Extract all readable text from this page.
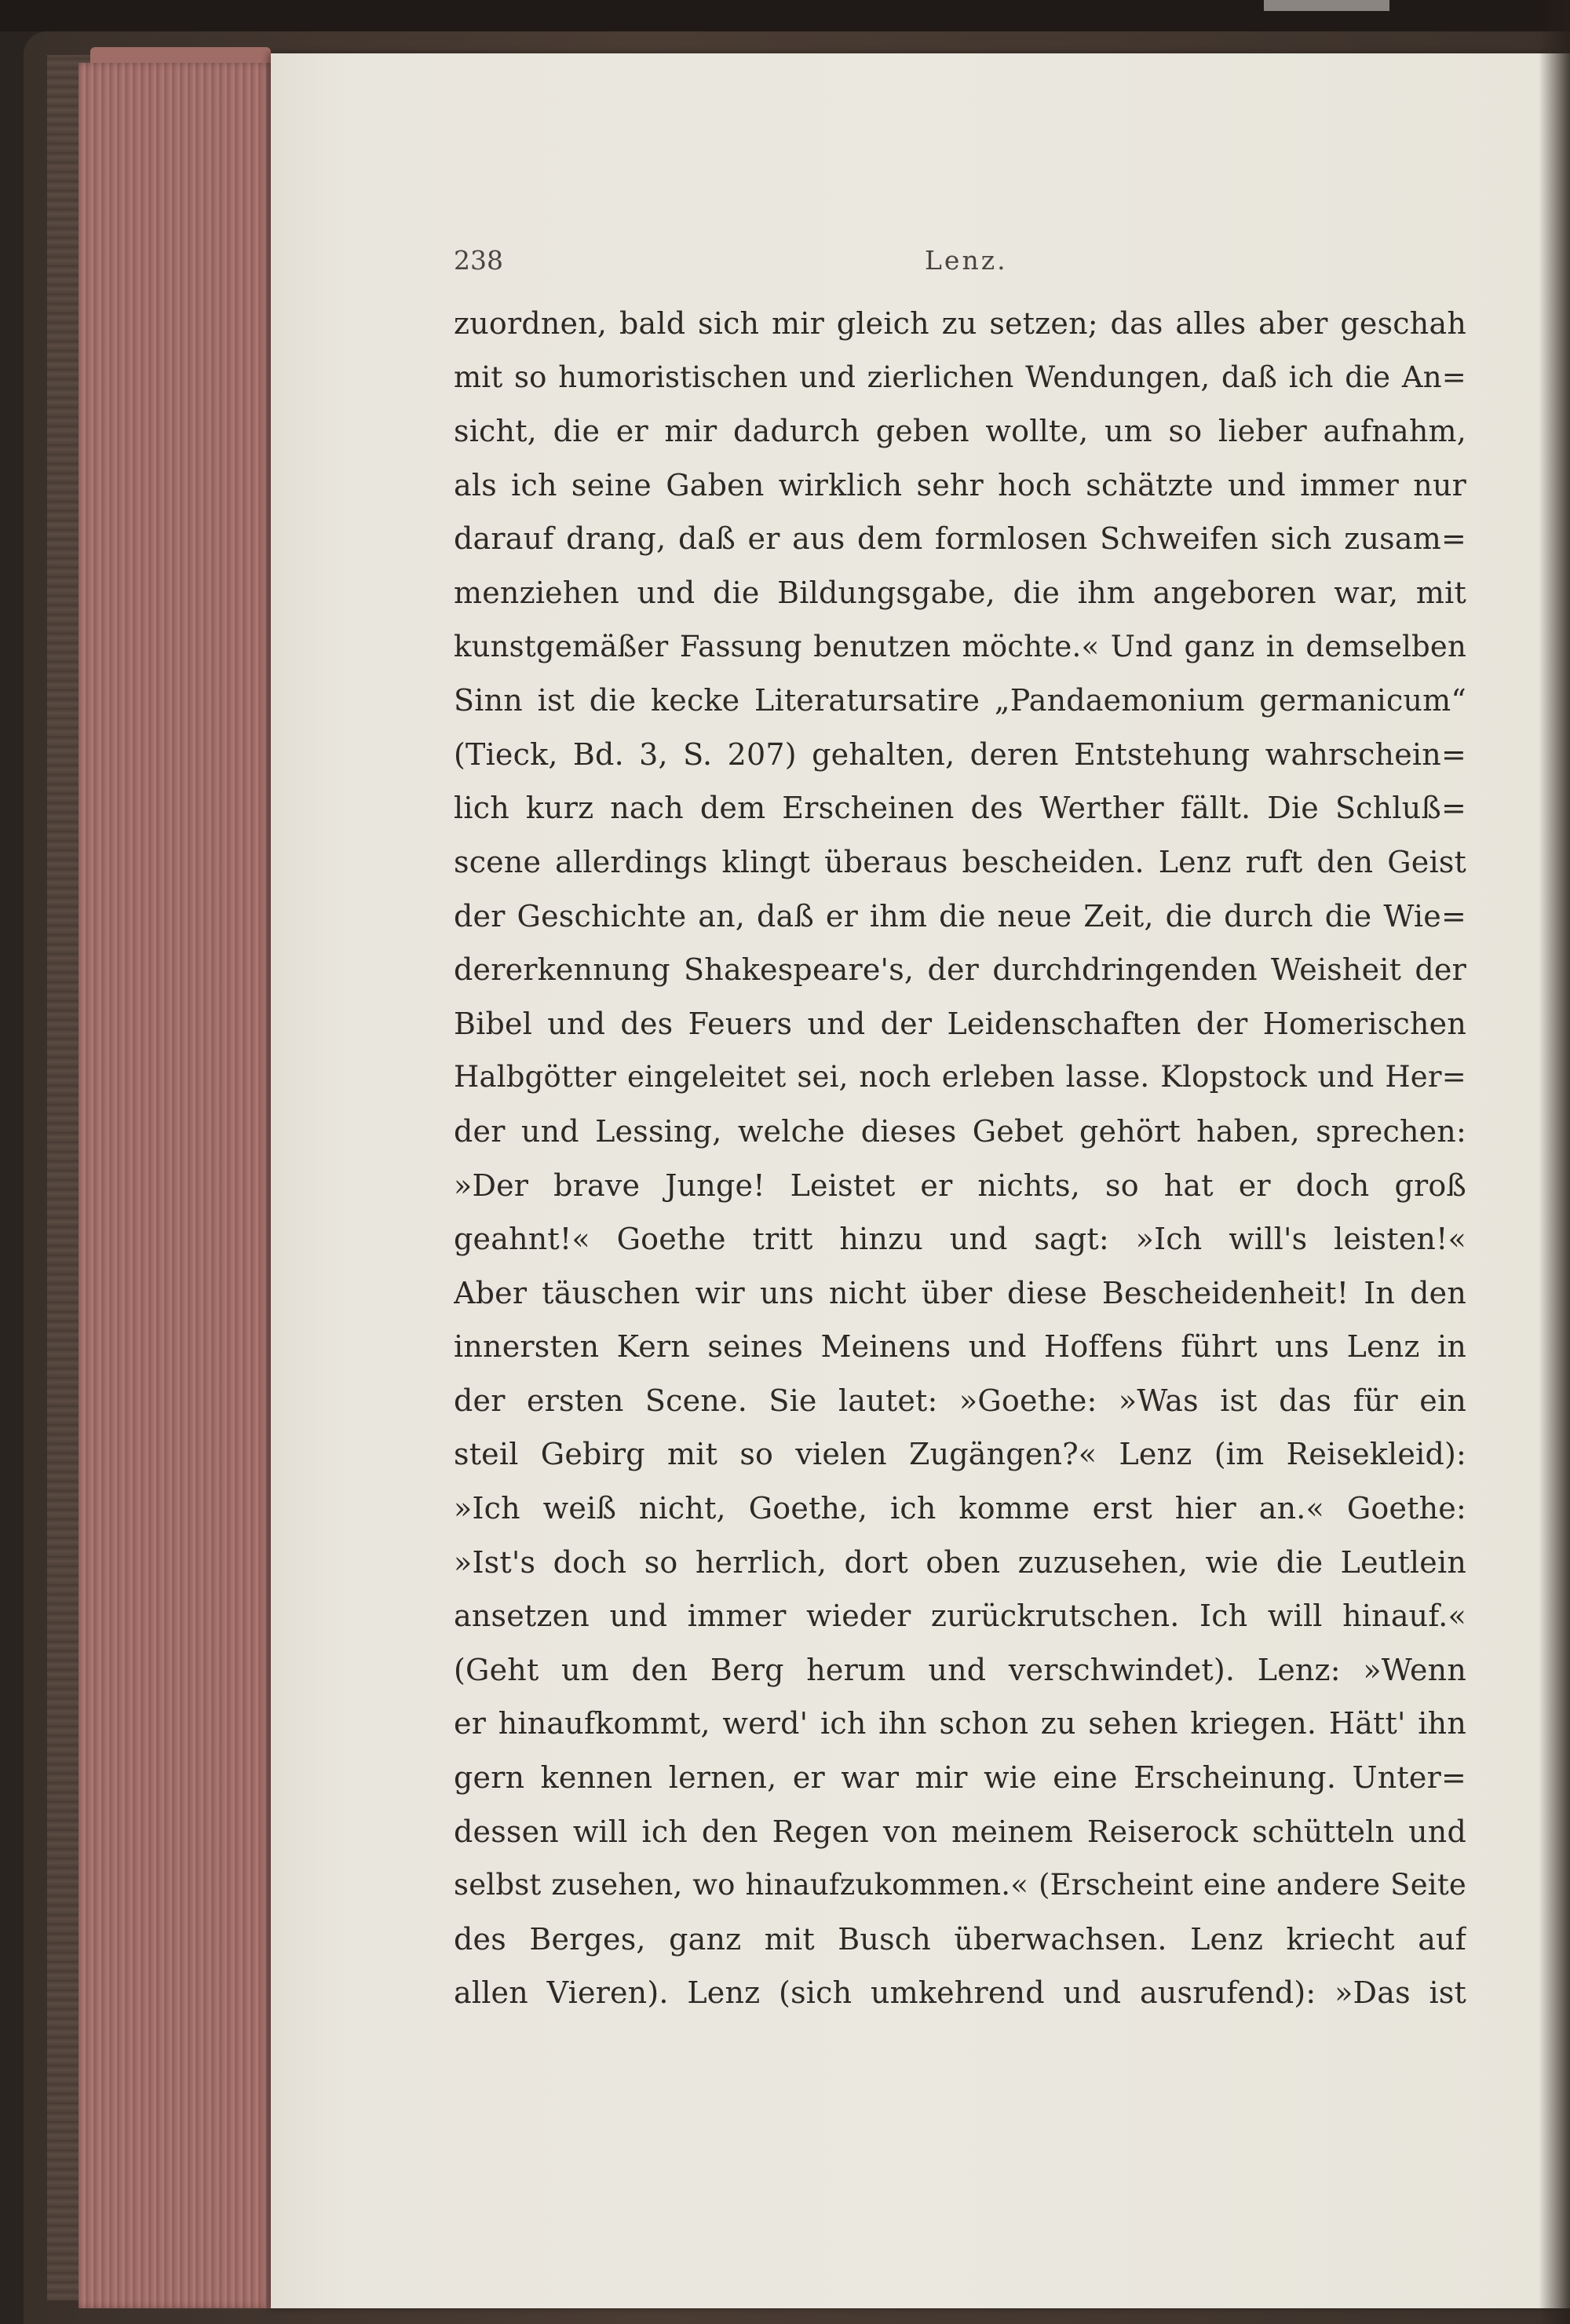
238	Lenz.
zuordnen, bald sich mir gleich zu setzen; das alles aber geschah
mit so humoristischen und zierlichen Wendungen, daß ich die An=
sicht, die er mir dadurch geben wollte, um so lieber aufnahm,
als ich seine Gaben wirklich sehr hoch schätzte und immer nur
darauf drang, daß er aus dem formlosen Schweifen sich zusam=
menziehen und die Bildungsgabe, die ihm angeboren war, mit
kunstgemäßer Fassung benutzen möchte.« Und ganz in demselben
Sinn ist die kecke Literatursatire „Pandaemonium germanicum“
(Tieck, Bd. 3, S. 207) gehalten, deren Entstehung wahrschein=
lich kurz nach dem Erscheinen des Werther fällt. Die Schluß=
scene allerdings klingt überaus bescheiden. Lenz ruft den Geist
der Geschichte an, daß er ihm die neue Zeit, die durch die Wie=
dererkennung Shakespeare's, der durchdringenden Weisheit der
Bibel und des Feuers und der Leidenschaften der Homerischen
Halbgötter eingeleitet sei, noch erleben lasse. Klopstock und Her=
der und Lessing, welche dieses Gebet gehört haben, sprechen:
»Der brave Junge! Leistet er nichts, so hat er doch groß
geahnt!« Goethe tritt hinzu und sagt: »Ich will's leisten!«
Aber täuschen wir uns nicht über diese Bescheidenheit! In den
innersten Kern seines Meinens und Hoffens führt uns Lenz in
der ersten Scene. Sie lautet: »Goethe: »Was ist das für ein
steil Gebirg mit so vielen Zugängen?« Lenz (im Reisekleid):
»Ich weiß nicht, Goethe, ich komme erst hier an.« Goethe:
»Ist's doch so herrlich, dort oben zuzusehen, wie die Leutlein
ansetzen und immer wieder zurückrutschen. Ich will hinauf.«
(Geht um den Berg herum und verschwindet). Lenz: »Wenn
er hinaufkommt, werd' ich ihn schon zu sehen kriegen. Hätt' ihn
gern kennen lernen, er war mir wie eine Erscheinung. Unter=
dessen will ich den Regen von meinem Reiserock schütteln und
selbst zusehen, wo hinaufzukommen.« (Erscheint eine andere Seite
des Berges, ganz mit Busch überwachsen. Lenz kriecht auf
allen Vieren). Lenz (sich umkehrend und ausrufend): »Das ist
